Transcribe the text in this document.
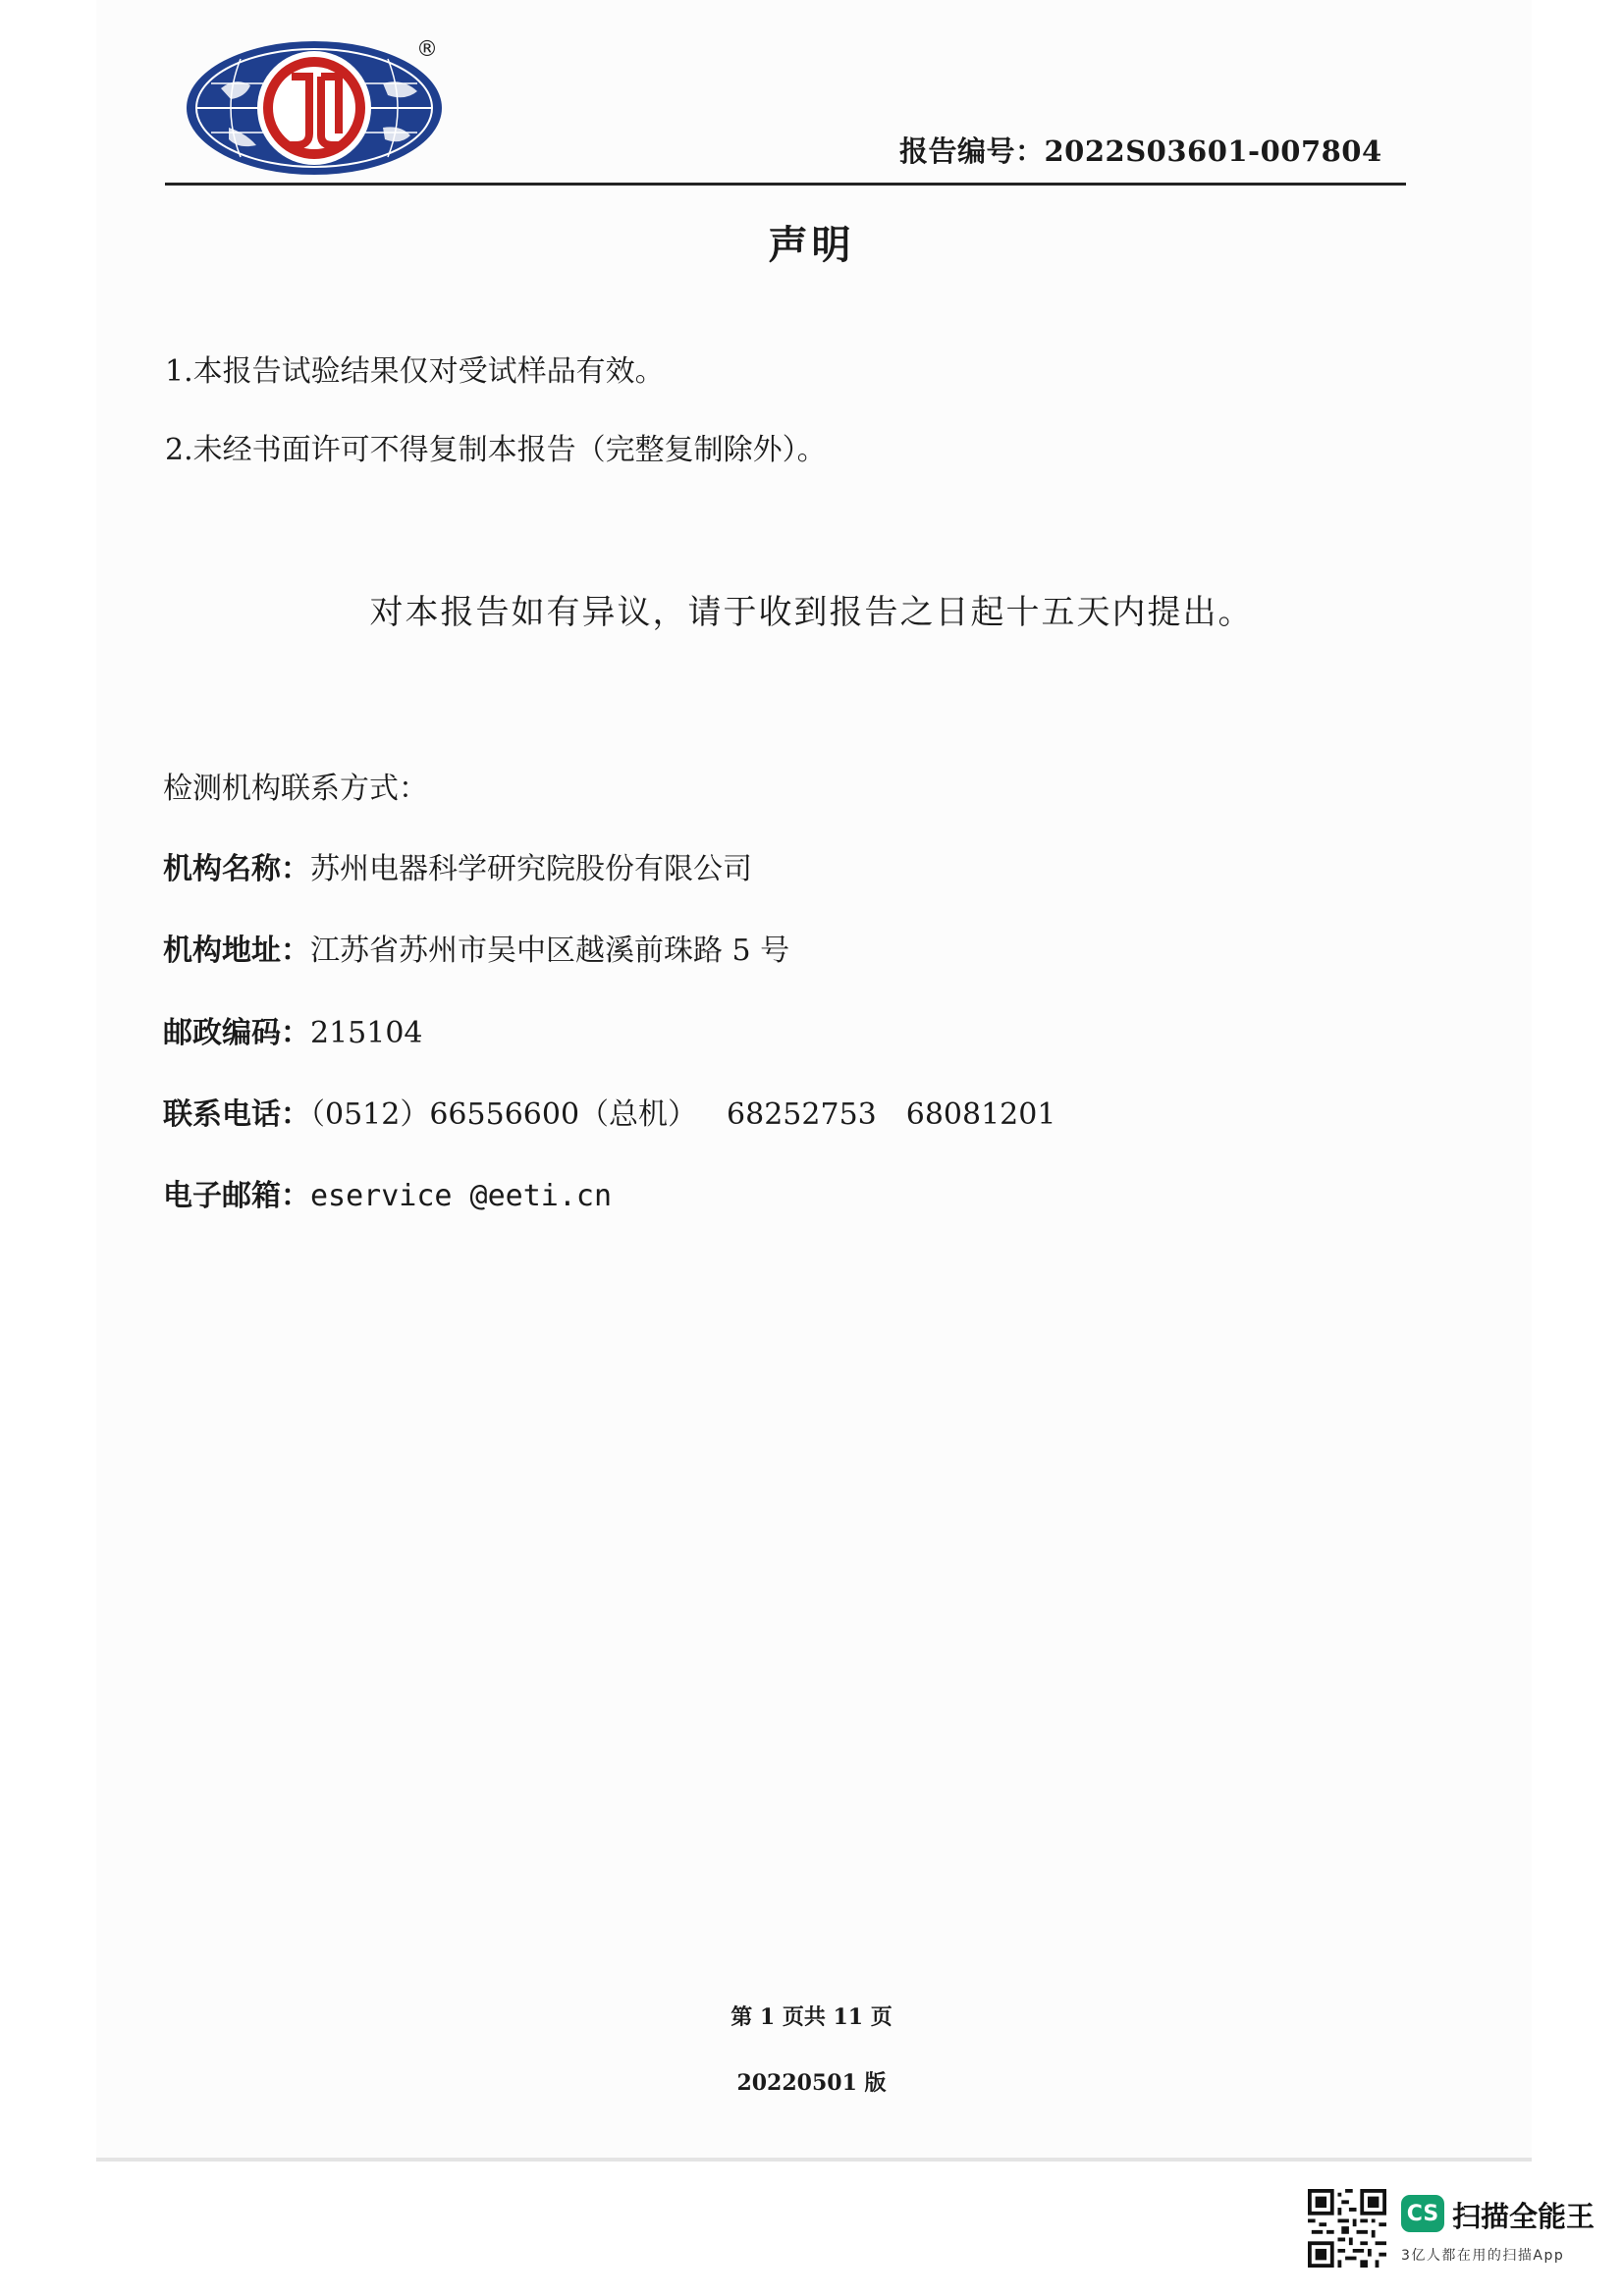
®
报告编号：2022S03601-007804
声明
1.本报告试验结果仅对受试样品有效。
2.未经书面许可不得复制本报告（完整复制除外）。
对本报告如有异议，请于收到报告之日起十五天内提出。
检测机构联系方式：
机构名称：苏州电器科学研究院股份有限公司
机构地址：江苏省苏州市吴中区越溪前珠路 5 号
邮政编码：215104
联系电话：（0512）66556600（总机） 68252753 68081201
电子邮箱：eservice @eeti.cn
第 1 页共 11 页
20220501 版
CS 扫描全能王
3亿人都在用的扫描App
